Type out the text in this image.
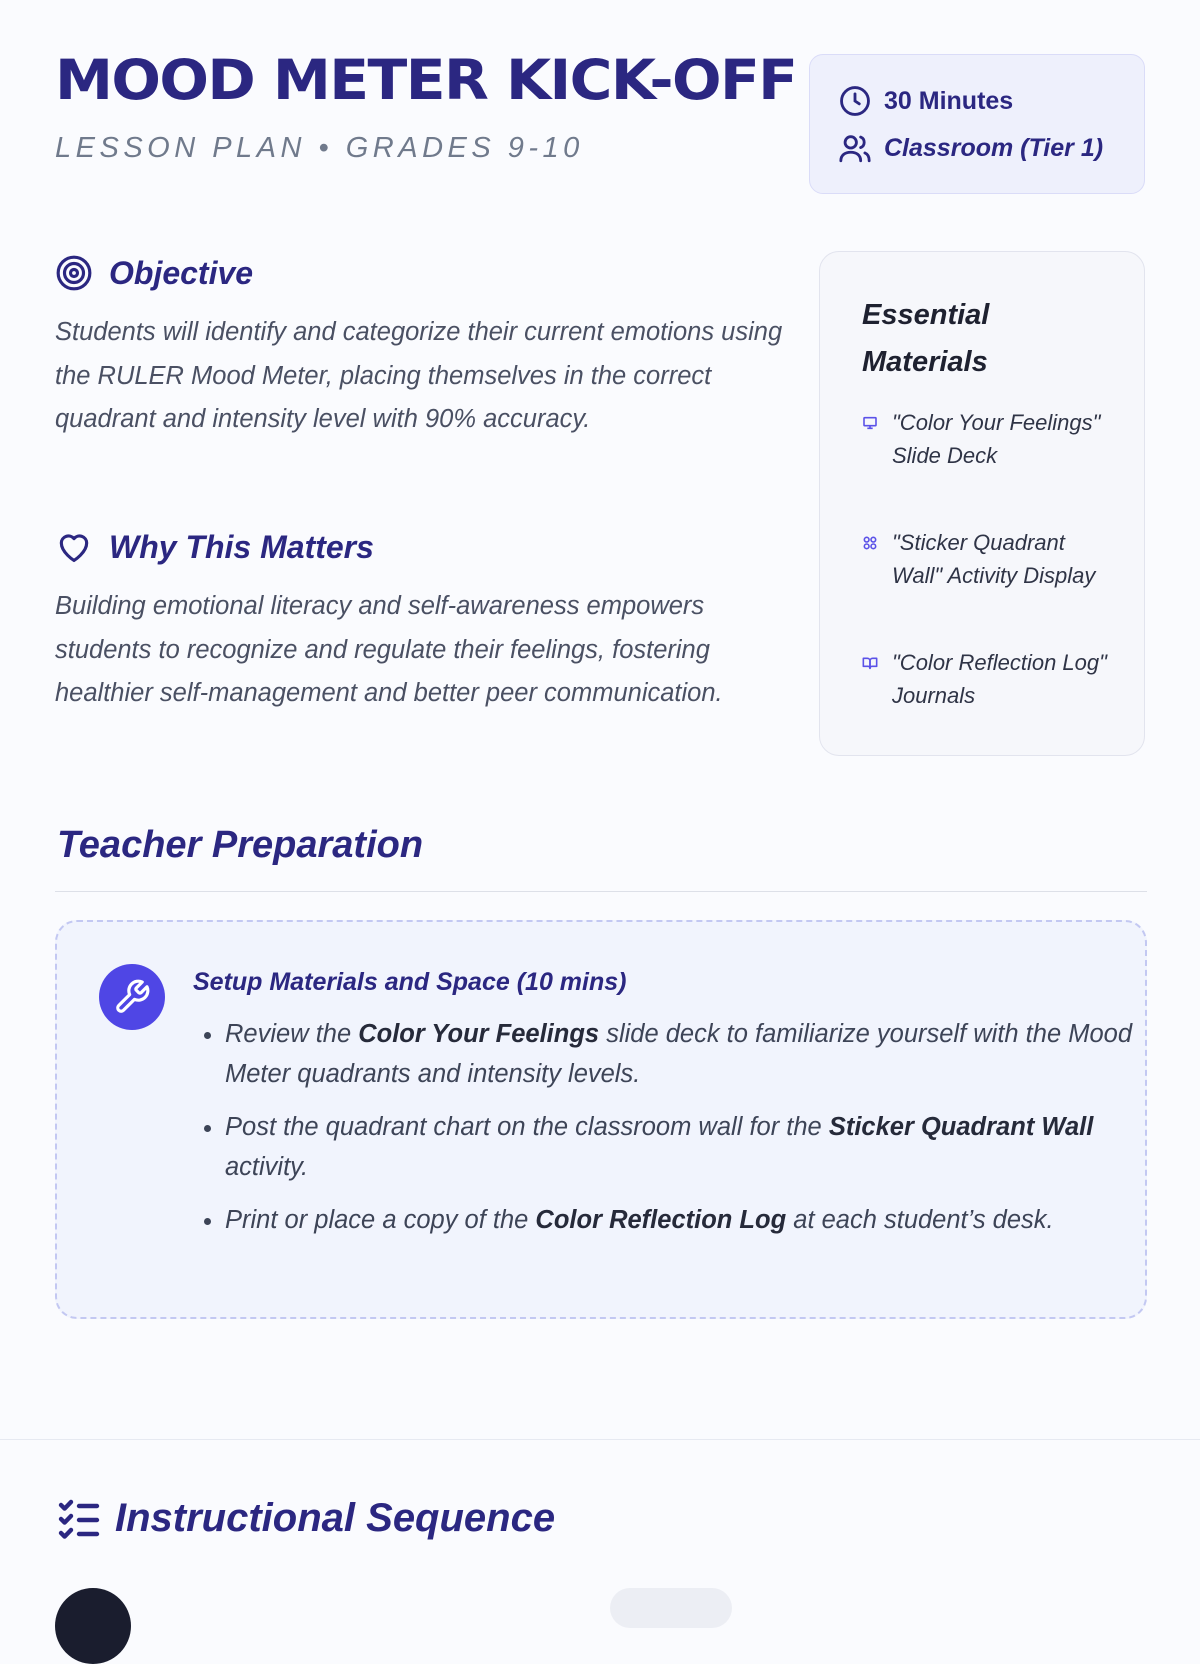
MOOD METER KICK-OFF
LESSON PLAN • GRADES 9-10
30 Minutes
Classroom (Tier 1)
Objective

Students will identify and categorize their current emotions using the RULER Mood Meter, placing themselves in the correct quadrant and intensity level with 90% accuracy.

Why This Matters

Building emotional literacy and self-awareness empowers students to recognize and regulate their feelings, fostering healthier self-management and better peer communication.

Essential Materials
"Color Your Feelings" Slide Deck
"Sticker Quadrant Wall" Activity Display
"Color Reflection Log" Journals
Teacher Preparation
Setup Materials and Space (10 mins)
• Review the Color Your Feelings slide deck to familiarize yourself with the Mood Meter quadrants and intensity levels.
• Post the quadrant chart on the classroom wall for the Sticker Quadrant Wall activity.
• Print or place a copy of the Color Reflection Log at each student’s desk.
Instructional Sequence
